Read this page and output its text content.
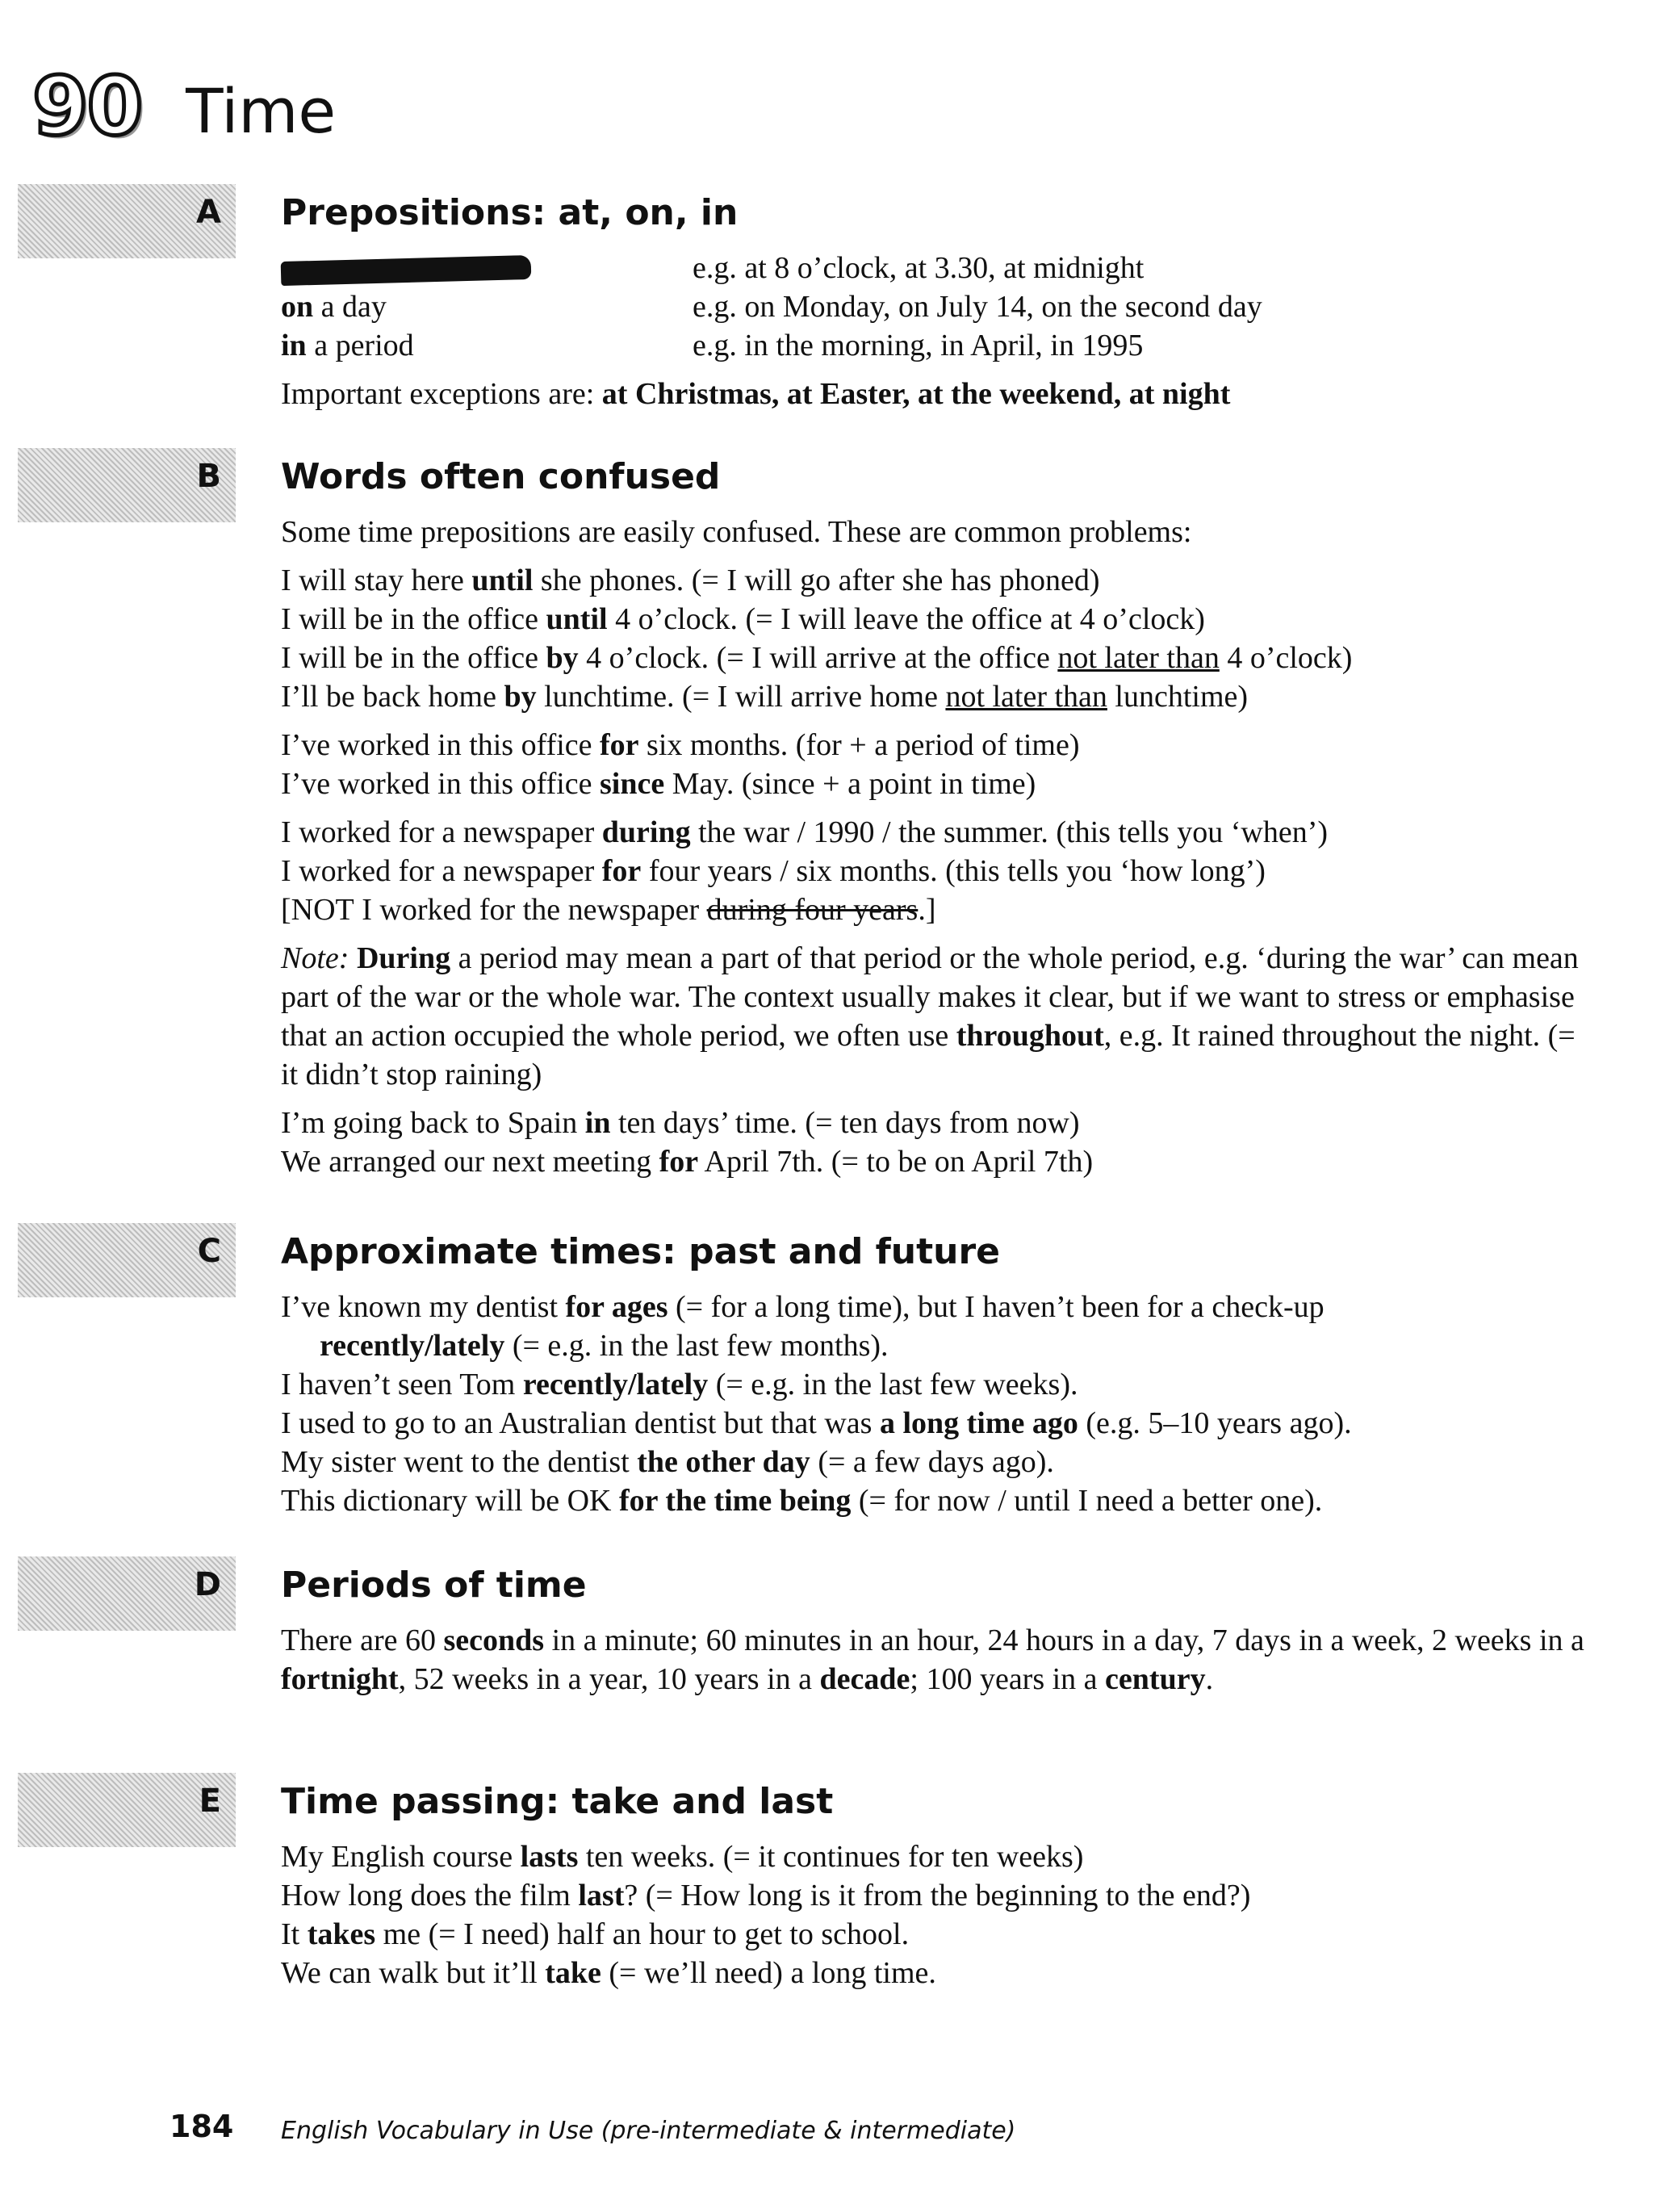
90 Time
A Prepositions: at, on, in
e.g. at 8 o’clock, at 3.30, at midnight
on a day	e.g. on Monday, on July 14, on the second day
in a period	e.g. in the morning, in April, in 1995

Important exceptions are: at Christmas, at Easter, at the weekend, at night

B Words often confused

Some time prepositions are easily confused. These are common problems:

I will stay here until she phones. (= I will go after she has phoned)

I will be in the office until 4 o’clock. (= I will leave the office at 4 o’clock)

I will be in the office by 4 o’clock. (= I will arrive at the office not later than 4 o’clock)

I’ll be back home by lunchtime. (= I will arrive home not later than lunchtime)

I’ve worked in this office for six months. (for + a period of time)

I’ve worked in this office since May. (since + a point in time)

I worked for a newspaper during the war / 1990 / the summer. (this tells you ‘when’)

I worked for a newspaper for four years / six months. (this tells you ‘how long’)

[NOT I worked for the newspaper during four years.]

Note: During a period may mean a part of that period or the whole period, e.g. ‘during the war’ can mean part of the war or the whole war. The context usually makes it clear, but if we want to stress or emphasise that an action occupied the whole period, we often use throughout, e.g. It rained throughout the night. (= it didn’t stop raining)

I’m going back to Spain in ten days’ time. (= ten days from now)

We arranged our next meeting for April 7th. (= to be on April 7th)

C Approximate times: past and future

I’ve known my dentist for ages (= for a long time), but I haven’t been for a check-up

recently/lately (= e.g. in the last few months).

I haven’t seen Tom recently/lately (= e.g. in the last few weeks).

I used to go to an Australian dentist but that was a long time ago (e.g. 5–10 years ago).

My sister went to the dentist the other day (= a few days ago).

This dictionary will be OK for the time being (= for now / until I need a better one).

D Periods of time

There are 60 seconds in a minute; 60 minutes in an hour, 24 hours in a day, 7 days in a week, 2 weeks in a fortnight, 52 weeks in a year, 10 years in a decade; 100 years in a century.

E Time passing: take and last

My English course lasts ten weeks. (= it continues for ten weeks)

How long does the film last? (= How long is it from the beginning to the end?)

It takes me (= I need) half an hour to get to school.

We can walk but it’ll take (= we’ll need) a long time.

184 English Vocabulary in Use (pre-intermediate & intermediate)
